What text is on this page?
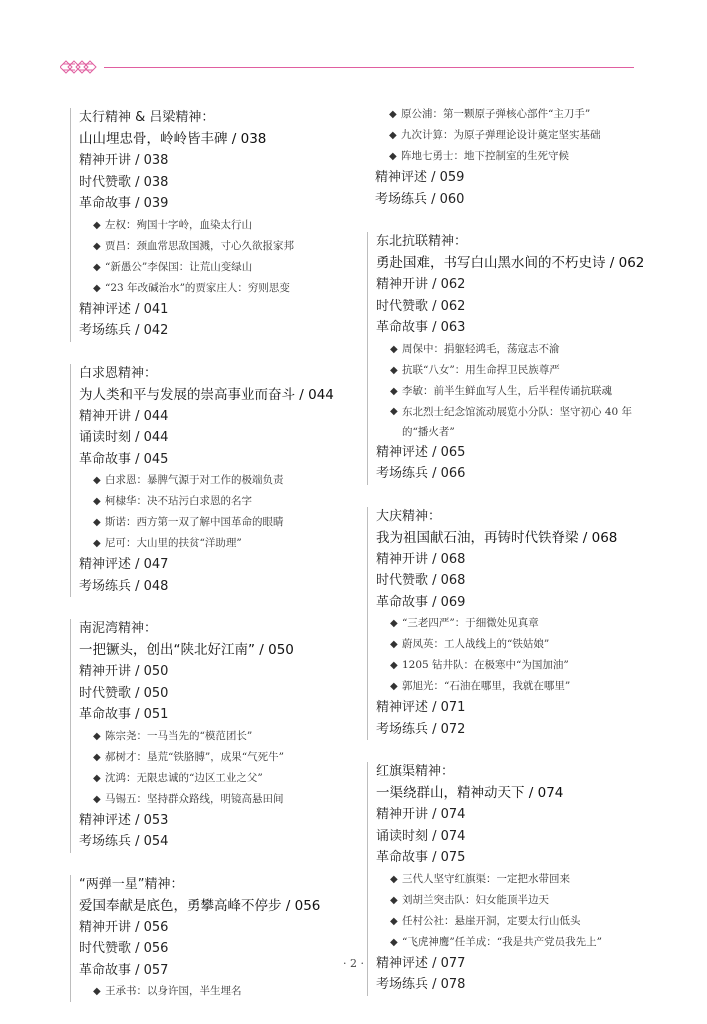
太行精神 & 吕梁精神：
山山埋忠骨，岭岭皆丰碑 / 038
精神开讲 / 038
时代赞歌 / 038
革命故事 / 039
◆ 左权：殉国十字岭，血染太行山
◆ 贾昌：颈血常思敌国溅，寸心久欲报家邦
◆ “新愚公”李保国：让荒山变绿山
◆ “23 年改碱治水”的贾家庄人：穷则思变
精神评述 / 041
考场练兵 / 042
白求恩精神：
为人类和平与发展的崇高事业而奋斗 / 044
精神开讲 / 044
诵读时刻 / 044
革命故事 / 045
◆ 白求恩：暴脾气源于对工作的极端负责
◆ 柯棣华：决不玷污白求恩的名字
◆ 斯诺：西方第一双了解中国革命的眼睛
◆ 尼可：大山里的扶贫“洋助理”
精神评述 / 047
考场练兵 / 048
南泥湾精神：
一把镢头，创出“陕北好江南” / 050
精神开讲 / 050
时代赞歌 / 050
革命故事 / 051
◆ 陈宗尧：一马当先的“模范团长”
◆ 郝树才：垦荒“铁胳膊”，成果“气死牛”
◆ 沈鸿：无限忠诚的“边区工业之父”
◆ 马锡五：坚持群众路线，明镜高悬田间
精神评述 / 053
考场练兵 / 054
“两弹一星”精神：
爱国奉献是底色，勇攀高峰不停步 / 056
精神开讲 / 056
时代赞歌 / 056
革命故事 / 057
◆ 王承书：以身许国，半生埋名
◆ 原公浦：第一颗原子弹核心部件“主刀手”
◆ 九次计算：为原子弹理论设计奠定坚实基础
◆ 阵地七勇士：地下控制室的生死守候
精神评述 / 059
考场练兵 / 060
东北抗联精神：
勇赴国难，书写白山黑水间的不朽史诗 / 062
精神开讲 / 062
时代赞歌 / 062
革命故事 / 063
◆ 周保中：捐躯轻鸿毛，荡寇志不渝
◆ 抗联“八女”：用生命捍卫民族尊严
◆ 李敏：前半生鲜血写人生，后半程传诵抗联魂
◆ 东北烈士纪念馆流动展览小分队：坚守初心 40 年的“播火者”
精神评述 / 065
考场练兵 / 066
大庆精神：
我为祖国献石油，再铸时代铁脊梁 / 068
精神开讲 / 068
时代赞歌 / 068
革命故事 / 069
◆ “三老四严”：于细微处见真章
◆ 蔚凤英：工人战线上的“铁姑娘”
◆ 1205 钻井队：在极寒中“为国加油”
◆ 郭旭光：“石油在哪里，我就在哪里”
精神评述 / 071
考场练兵 / 072
红旗渠精神：
一渠绕群山，精神动天下 / 074
精神开讲 / 074
诵读时刻 / 074
革命故事 / 075
◆ 三代人坚守红旗渠：一定把水带回来
◆ 刘胡兰突击队：妇女能顶半边天
◆ 任村公社：悬崖开洞，定要太行山低头
◆ “飞虎神鹰”任羊成：“我是共产党员我先上”
精神评述 / 077
考场练兵 / 078
· 2 ·
